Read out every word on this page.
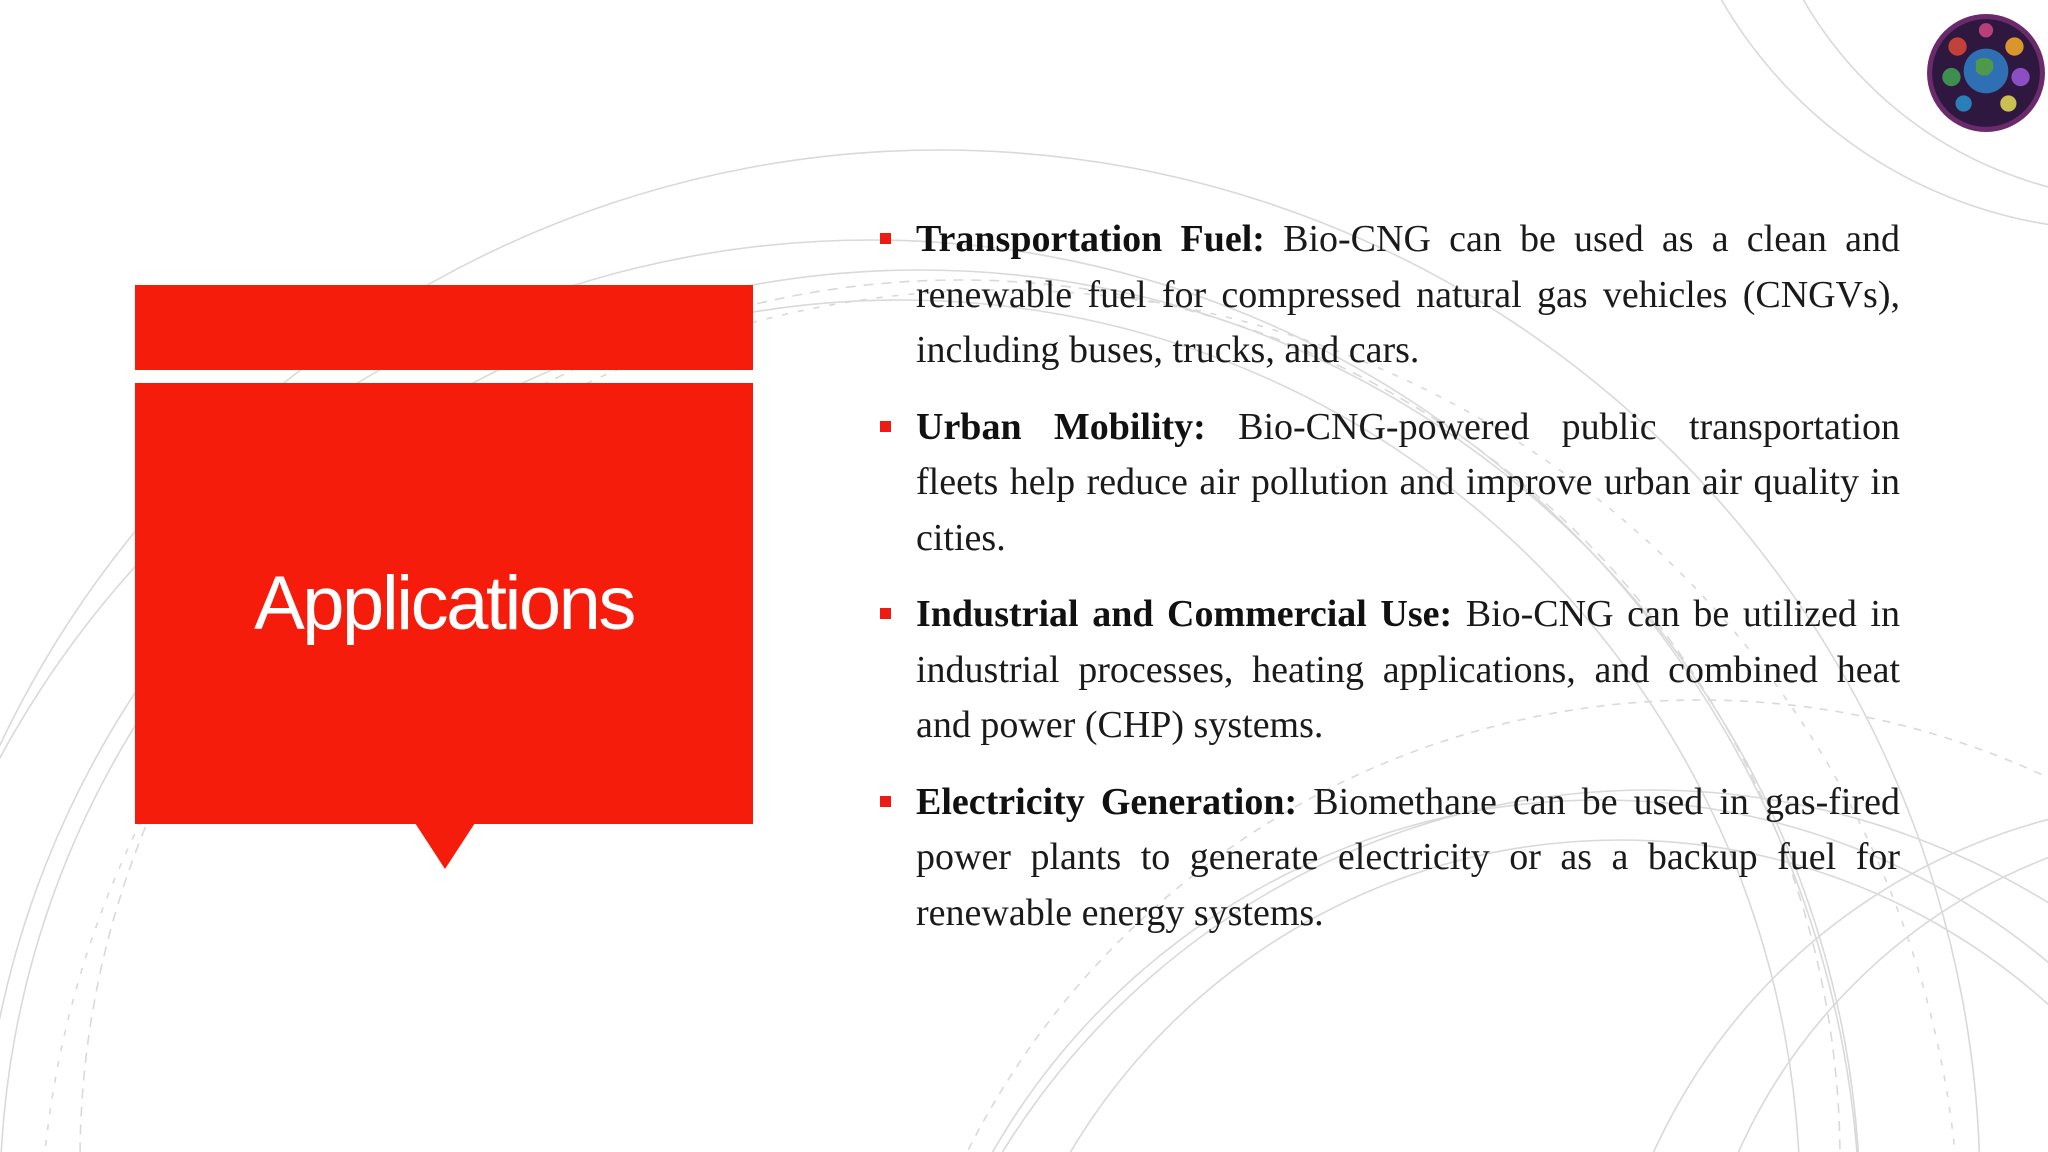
Applications
Transportation Fuel: Bio-CNG can be used as a clean and renewable fuel for compressed natural gas vehicles (CNGVs), including buses, trucks, and cars.
Urban Mobility: Bio-CNG-powered public transportation fleets help reduce air pollution and improve urban air quality in cities.
Industrial and Commercial Use: Bio-CNG can be utilized in industrial processes, heating applications, and combined heat and power (CHP) systems.
Electricity Generation: Biomethane can be used in gas-fired power plants to generate electricity or as a backup fuel for renewable energy systems.
